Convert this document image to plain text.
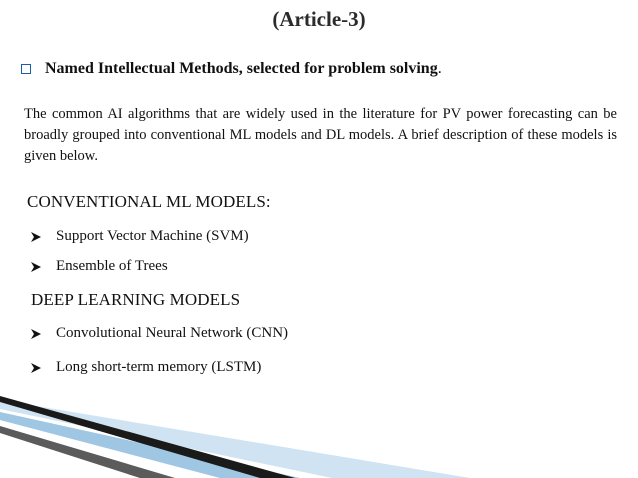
(Article-3)
Named Intellectual Methods, selected for problem solving .
The common AI algorithms that are widely used in the literature for PV power forecasting can be broadly grouped into conventional ML models and DL models. A brief description of these models is given below.
CONVENTIONAL ML MODELS:
Support Vector Machine (SVM)
Ensemble of Trees
DEEP LEARNING MODELS
Convolutional Neural Network (CNN)
Long short-term memory (LSTM)
